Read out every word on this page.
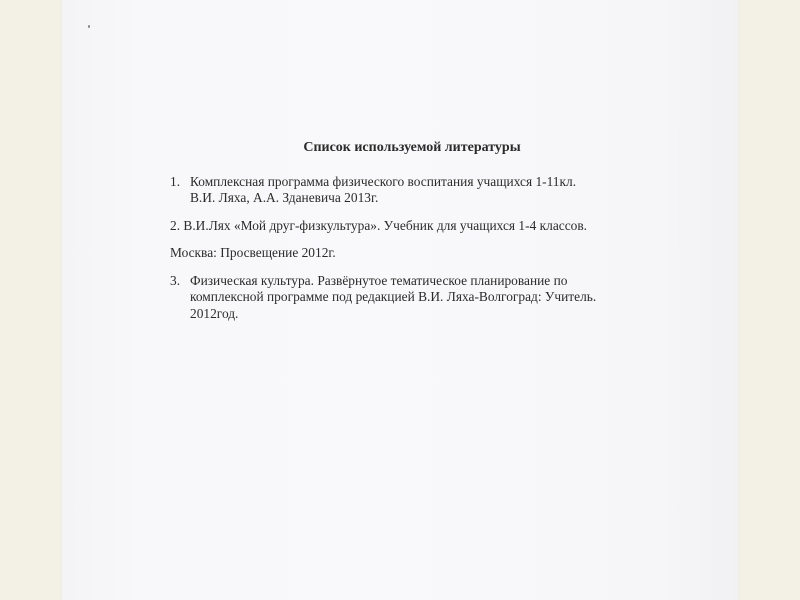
Список используемой литературы
1. Комплексная программа физического воспитания учащихся 1-11кл.
В.И. Ляха, А.А. Зданевича 2013г.
2. В.И.Лях «Мой друг-физкультура». Учебник для учащихся 1-4 классов.
Москва: Просвещение 2012г.
3. Физическая культура. Развёрнутое тематическое планирование по
комплексной программе под редакцией В.И. Ляха-Волгоград: Учитель.
2012год.
